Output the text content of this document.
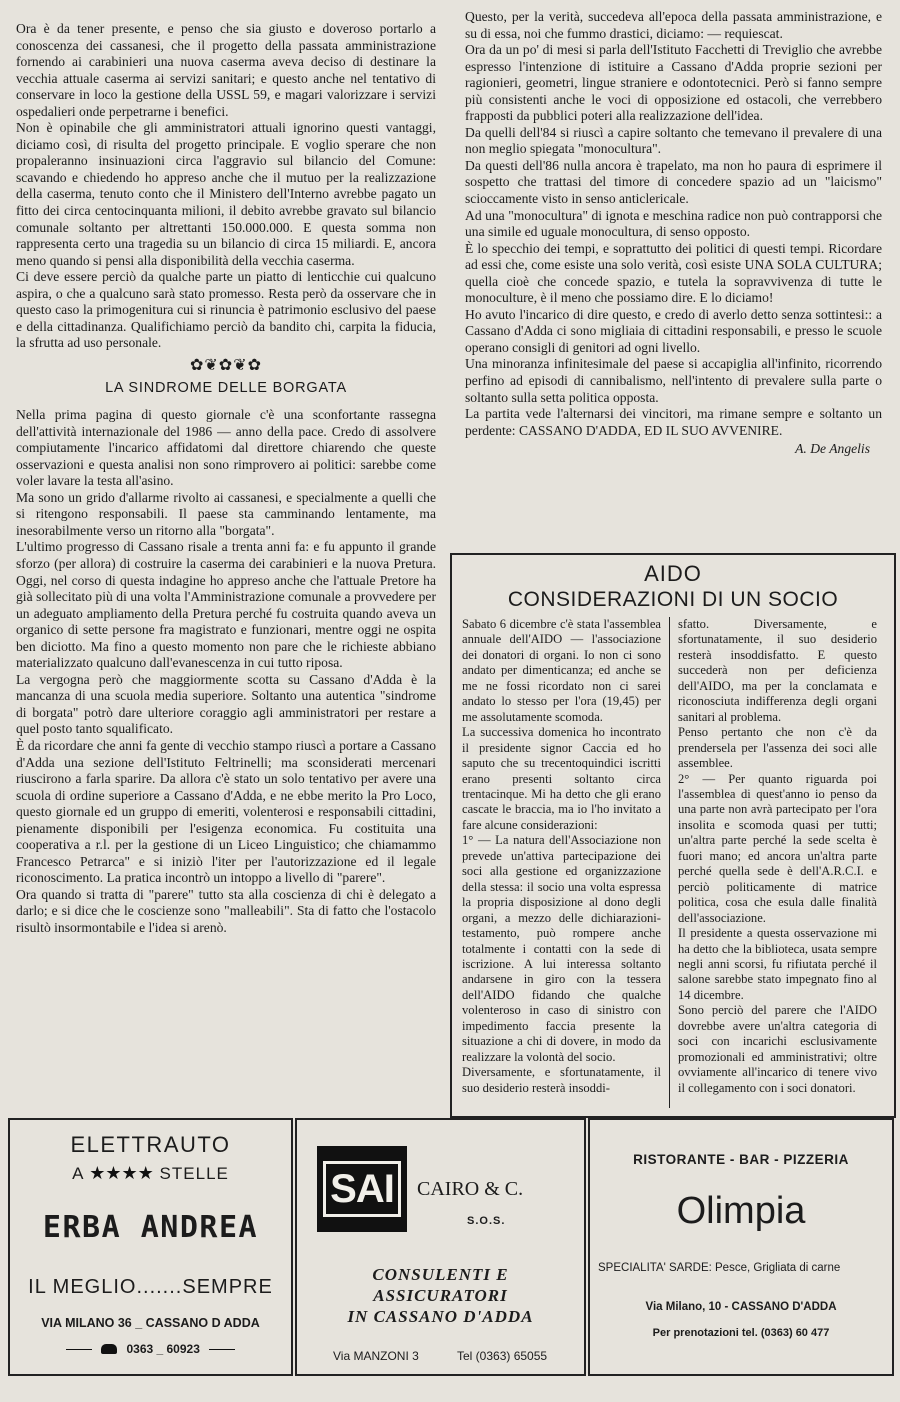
Ora è da tener presente, e penso che sia giusto e doveroso portarlo a conoscenza dei cassanesi, che il progetto della passata amministrazione fornendo ai carabinieri una nuova caserma aveva deciso di destinare la vecchia attuale caserma ai servizi sanitari; e questo anche nel tentativo di conservare in loco la gestione della USSL 59, e magari valorizzare i servizi ospedalieri onde perpetrarne i benefici.

Non è opinabile che gli amministratori attuali ignorino questi vantaggi, diciamo così, di risulta del progetto principale. E voglio sperare che non propaleranno insinuazioni circa l'aggravio sul bilancio del Comune: scavando e chiedendo ho appreso anche che il mutuo per la realizzazione della caserma, tenuto conto che il Ministero dell'Interno avrebbe pagato un fitto dei circa centocinquanta milioni, il debito avrebbe gravato sul bilancio comunale soltanto per altrettanti 150.000.000. E questa somma non rappresenta certo una tragedia su un bilancio di circa 15 miliardi. E, ancora meno quando si pensi alla disponibilità della vecchia caserma.

Ci deve essere perciò da qualche parte un piatto di lenticchie cui qualcuno aspira, o che a qualcuno sarà stato promesso. Resta però da osservare che in questo caso la primogenitura cui si rinuncia è patrimonio esclusivo del paese e della cittadinanza. Qualifichiamo perciò da bandito chi, carpita la fiducia, la sfrutta ad uso personale.

✿❦✿❦✿
LA SINDROME DELLE BORGATA

Nella prima pagina di questo giornale c'è una sconfortante rassegna dell'attività internazionale del 1986 — anno della pace. Credo di assolvere compiutamente l'incarico affidatomi dal direttore chiarendo che queste osservazioni e questa analisi non sono rimprovero ai politici: sarebbe come voler lavare la testa all'asino.

Ma sono un grido d'allarme rivolto ai cassanesi, e specialmente a quelli che si ritengono responsabili. Il paese sta camminando lentamente, ma inesorabilmente verso un ritorno alla "borgata".

L'ultimo progresso di Cassano risale a trenta anni fa: e fu appunto il grande sforzo (per allora) di costruire la caserma dei carabinieri e la nuova Pretura. Oggi, nel corso di questa indagine ho appreso anche che l'attuale Pretore ha già sollecitato più di una volta l'Amministrazione comunale a provvedere per un adeguato ampliamento della Pretura perché fu costruita quando aveva un organico di sette persone fra magistrato e funzionari, mentre oggi ne ospita ben diciotto. Ma fino a questo momento non pare che le richieste abbiano materializzato qualcuno dall'evanescenza in cui tutto riposa.

La vergogna però che maggiormente scotta su Cassano d'Adda è la mancanza di una scuola media superiore. Soltanto una autentica "sindrome di borgata" potrò dare ulteriore coraggio agli amministratori per restare a quel posto tanto squalificato.

È da ricordare che anni fa gente di vecchio stampo riuscì a portare a Cassano d'Adda una sezione dell'Istituto Feltrinelli; ma sconsiderati mercenari riuscirono a farla sparire. Da allora c'è stato un solo tentativo per avere una scuola di ordine superiore a Cassano d'Adda, e ne ebbe merito la Pro Loco, questo giornale ed un gruppo di emeriti, volenterosi e responsabili cittadini, pienamente disponibili per l'esigenza economica. Fu costituita una cooperativa a r.l. per la gestione di un Liceo Linguistico; che chiamammo Francesco Petrarca" e si iniziò l'iter per l'autorizzazione ed il legale riconoscimento. La pratica incontrò un intoppo a livello di "parere".

Ora quando si tratta di "parere" tutto sta alla coscienza di chi è delegato a darlo; e si dice che le coscienze sono "malleabili". Sta di fatto che l'ostacolo risultò insormontabile e l'idea si arenò.

Questo, per la verità, succedeva all'epoca della passata amministrazione, e su di essa, noi che fummo drastici, diciamo: — requiescat.

Ora da un po' di mesi si parla dell'Istituto Facchetti di Treviglio che avrebbe espresso l'intenzione di istituire a Cassano d'Adda proprie sezioni per ragionieri, geometri, lingue straniere e odontotecnici. Però si fanno sempre più consistenti anche le voci di opposizione ed ostacoli, che verrebbero frapposti da pubblici poteri alla realizzazione dell'idea.

Da quelli dell'84 si riuscì a capire soltanto che temevano il prevalere di una non meglio spiegata "monocultura".

Da questi dell'86 nulla ancora è trapelato, ma non ho paura di esprimere il sospetto che trattasi del timore di concedere spazio ad un "laicismo" scioccamente visto in senso anticlericale.

Ad una "monocultura" di ignota e meschina radice non può contrapporsi che una simile ed uguale monocultura, di senso opposto.

È lo specchio dei tempi, e soprattutto dei politici di questi tempi. Ricordare ad essi che, come esiste una solo verità, così esiste UNA SOLA CULTURA; quella cioè che concede spazio, e tutela la sopravvivenza di tutte le monoculture, è il meno che possiamo dire. E lo diciamo!

Ho avuto l'incarico di dire questo, e credo di averlo detto senza sottintesi:: a Cassano d'Adda ci sono migliaia di cittadini responsabili, e presso le scuole operano consigli di genitori ad ogni livello.

Una minoranza infinitesimale del paese si accapiglia all'infinito, ricorrendo perfino ad episodi di cannibalismo, nell'intento di prevalere sulla parte o soltanto sulla setta politica opposta.

La partita vede l'alternarsi dei vincitori, ma rimane sempre e soltanto un perdente: CASSANO D'ADDA, ED IL SUO AVVENIRE.

A. De Angelis
AIDO
CONSIDERAZIONI DI UN SOCIO

Sabato 6 dicembre c'è stata l'assemblea annuale dell'AIDO — l'associazione dei donatori di organi. Io non ci sono andato per dimenticanza; ed anche se me ne fossi ricordato non ci sarei andato lo stesso per l'ora (19,45) per me assolutamente scomoda.

La successiva domenica ho incontrato il presidente signor Caccia ed ho saputo che su trecentoquindici iscritti erano presenti soltanto circa trentacinque. Mi ha detto che gli erano cascate le braccia, ma io l'ho invitato a fare alcune considerazioni:

1° — La natura dell'Associazione non prevede un'attiva partecipazione dei soci alla gestione ed organizzazione della stessa: il socio una volta espressa la propria disposizione al dono degli organi, a mezzo delle dichiarazioni-testamento, può rompere anche totalmente i contatti con la sede di iscrizione. A lui interessa soltanto andarsene in giro con la tessera dell'AIDO fidando che qualche volenteroso in caso di sinistro con impedimento faccia presente la situazione a chi di dovere, in modo da realizzare la volontà del socio.

Diversamente, e sfortunatamente, il suo desiderio resterà insoddi-

sfatto. Diversamente, e sfortunatamente, il suo desiderio resterà insoddisfatto. E questo succederà non per deficienza dell'AIDO, ma per la conclamata e riconosciuta indifferenza degli organi sanitari al problema.

Penso pertanto che non c'è da prendersela per l'assenza dei soci alle assemblee.

2° — Per quanto riguarda poi l'assemblea di quest'anno io penso da una parte non avrà partecipato per l'ora insolita e scomoda quasi per tutti; un'altra parte perché la sede scelta è fuori mano; ed ancora un'altra parte perché quella sede è dell'A.R.C.I. e perciò politicamente di matrice politica, cosa che esula dalle finalità dell'associazione.

Il presidente a questa osservazione mi ha detto che la biblioteca, usata sempre negli anni scorsi, fu rifiutata perché il salone sarebbe stato impegnato fino al 14 dicembre.

Sono perciò del parere che l'AIDO dovrebbe avere un'altra categoria di soci con incarichi esclusivamente promozionali ed amministrativi; oltre ovviamente all'incarico di tenere vivo il collegamento con i soci donatori.

ELETTRAUTO
A ★★★★ STELLE
ERBA ANDREA
IL MEGLIO.......SEMPRE
VIA MILANO 36 _ CASSANO D ADDA
0363 _ 60923
SAI	CAIRO & C.
S.O.S.
CONSULENTI E
ASSICURATORI
IN CASSANO D'ADDA
Via MANZONI 3	Tel (0363) 65055
RISTORANTE - BAR - PIZZERIA
Olimpia
SPECIALITA' SARDE: Pesce, Grigliata di carne
Via Milano, 10 - CASSANO D'ADDA
Per prenotazioni tel. (0363) 60 477
